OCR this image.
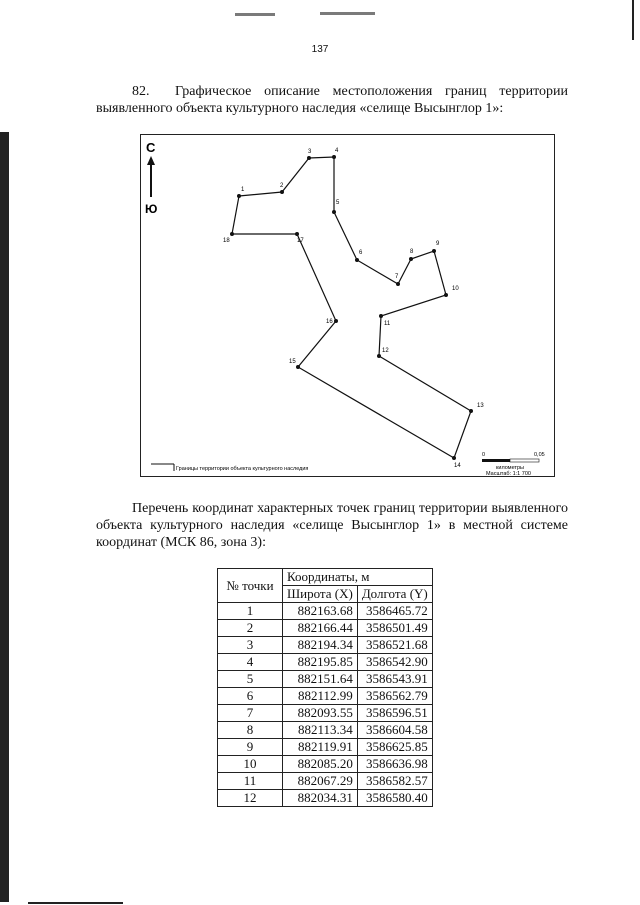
137
82. Графическое описание местоположения границ территории выявленного объекта культурного наследия «селище Высынглор 1»:
С
Ю
1
2
3	4
5
6
7
8
9
10
11
12
13
14
15
16
17
18
Границы территории объекта культурного наследия
0	0,05
километры
Масштаб: 1:1 700
Перечень координат характерных точек границ территории выявленного объекта культурного наследия «селище Высынглор 1» в местной системе координат (МСК 86, зона 3):
№ точки	Координаты, м	
	Широта (X)	Долгота (Y)
1	882163.68	3586465.72
2	882166.44	3586501.49
3	882194.34	3586521.68
4	882195.85	3586542.90
5	882151.64	3586543.91
6	882112.99	3586562.79
7	882093.55	3586596.51
8	882113.34	3586604.58
9	882119.91	3586625.85
10	882085.20	3586636.98
11	882067.29	3586582.57
12	882034.31	3586580.40
